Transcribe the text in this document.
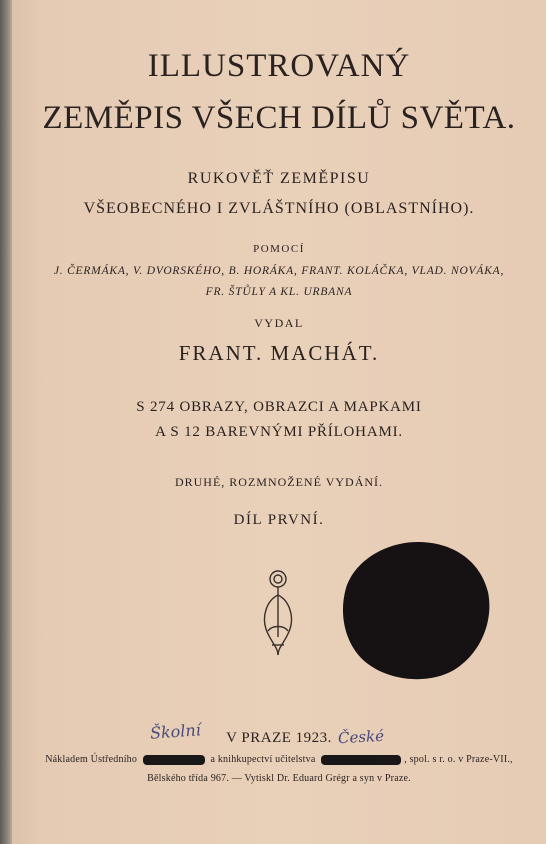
ILLUSTROVANÝ
ZEMĚPIS VŠECH DÍLŮ SVĚTA.
RUKOVĚŤ ZEMĚPISU
VŠEOBECNÉHO I ZVLÁŠTNÍHO (OBLASTNÍHO).
POMOCÍ
J. ČERMÁKA, V. DVORSKÉHO, B. HORÁKA, FRANT. KOLÁČKA, VLAD. NOVÁKA,
FR. ŠTŮLY A KL. URBANA
VYDAL
FRANT. MACHÁT.
S 274 OBRAZY, OBRAZCI A MAPKAMI
A S 12 BAREVNÝMI PŘÍLOHAMI.
DRUHÉ, ROZMNOŽENÉ VYDÁNÍ.
DÍL PRVNÍ.
Školní	V PRAZE 1923. České
Nákladem Ústředního	a knihkupectví učitelstva	, spol. s r. o. v Praze-VII.,
Bělského třída 967. — Vytiskl Dr. Eduard Grégr a syn v Praze.
